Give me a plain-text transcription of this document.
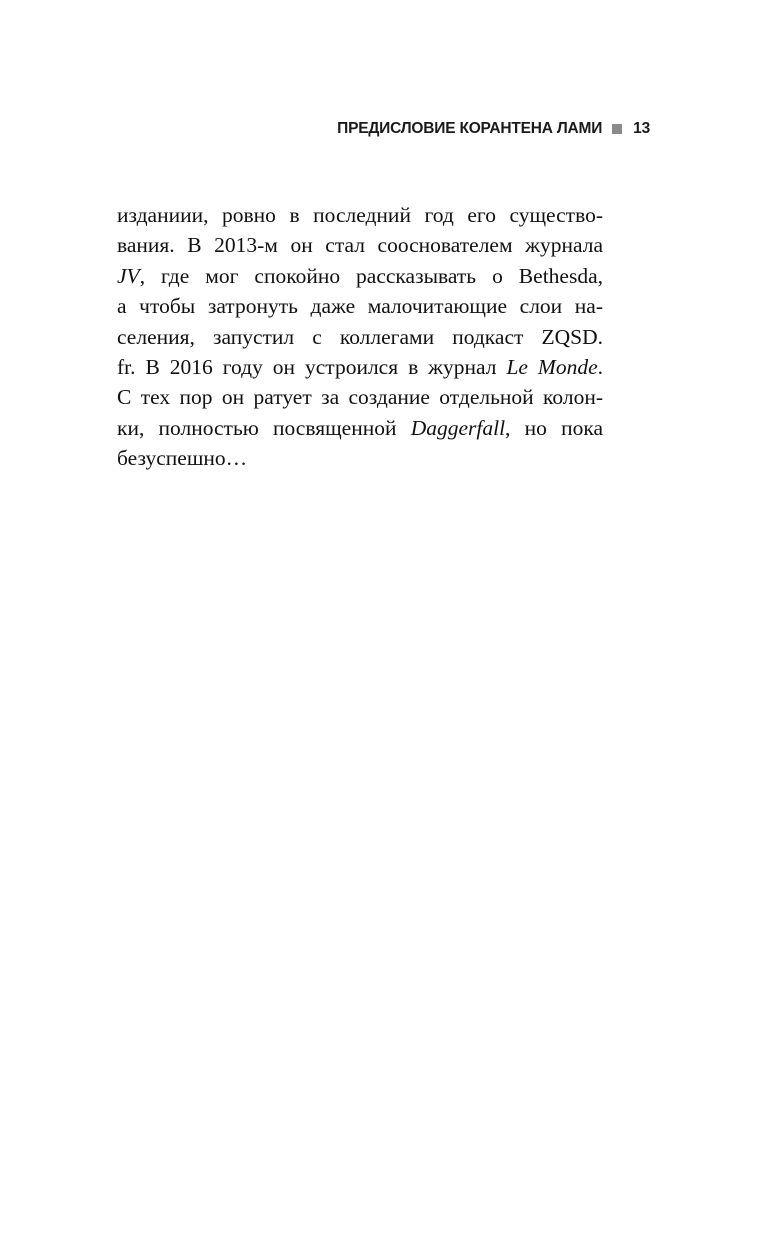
ПРЕДИСЛОВИЕ КОРАНТЕНА ЛАМИ 13
изданиии, ровно в последний год его существо-
вания. В 2013-м он стал сооснователем журнала
JV, где мог спокойно рассказывать о Bethesda,
а чтобы затронуть даже малочитающие слои на-
селения, запустил с коллегами подкаст ZQSD.
fr. В 2016 году он устроился в журнал Le Monde.
С тех пор он ратует за создание отдельной колон-
ки, полностью посвященной Daggerfall, но пока
безуспешно…
